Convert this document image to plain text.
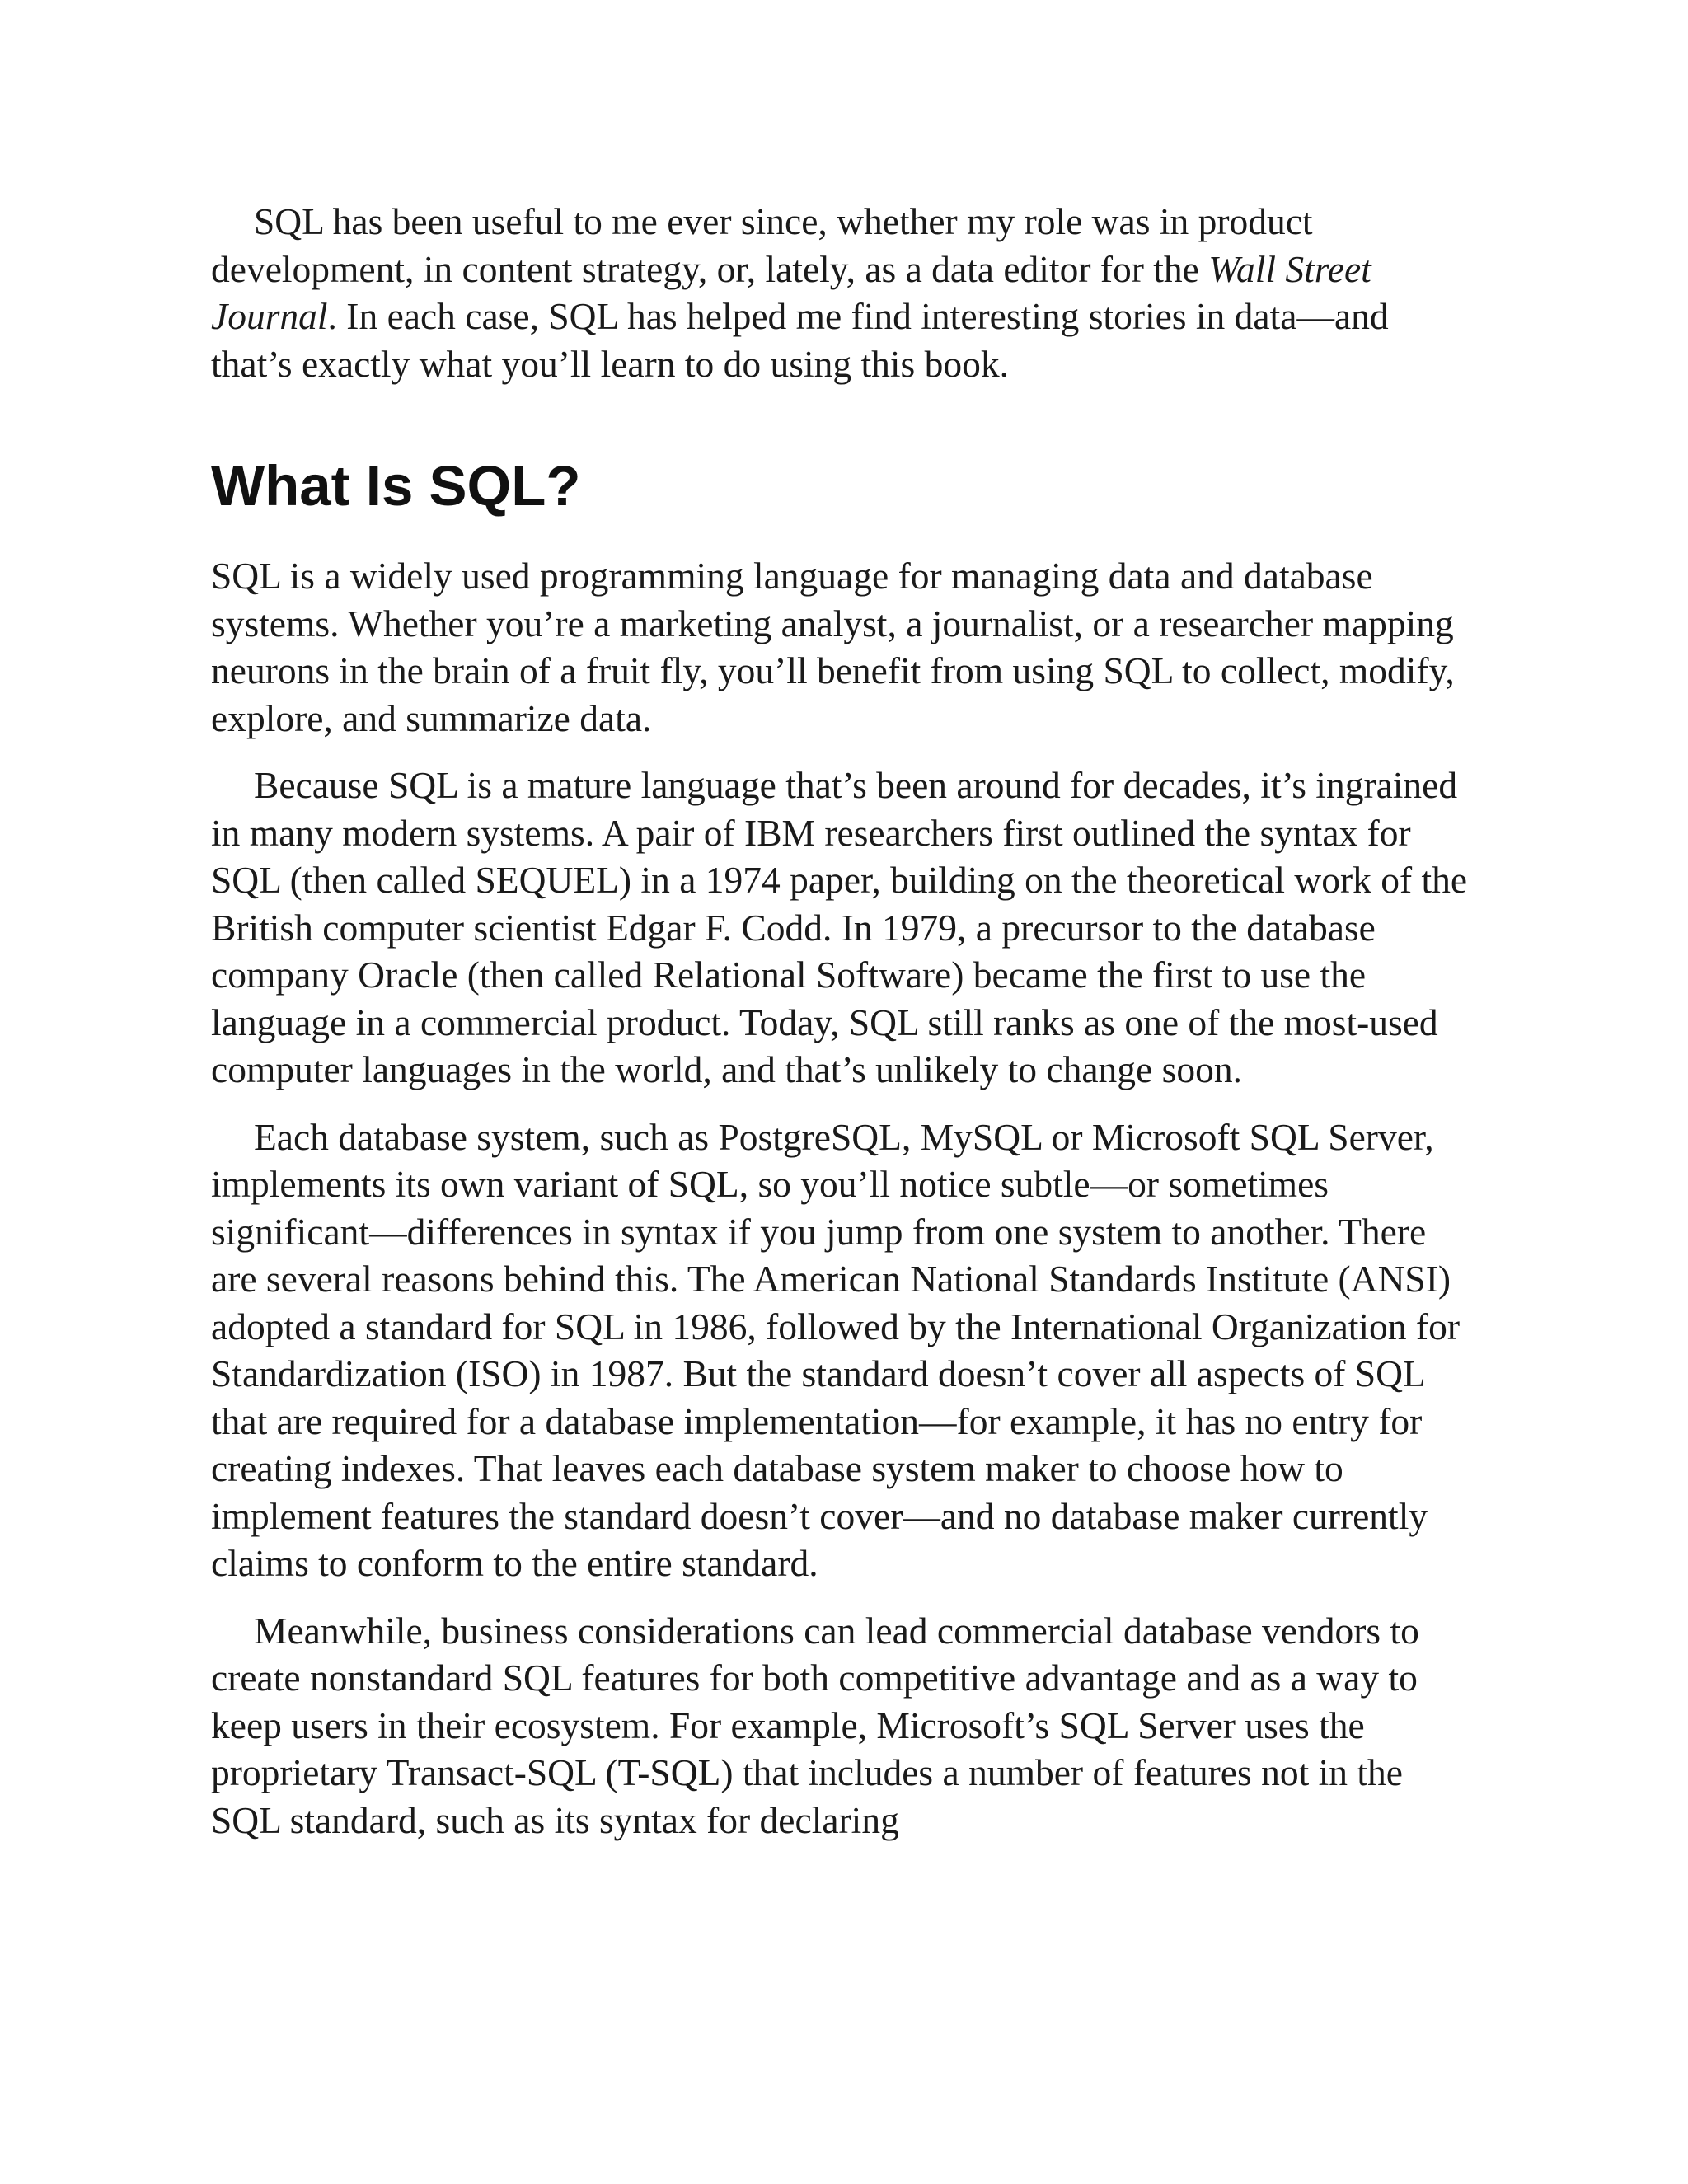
SQL has been useful to me ever since, whether my role was in product development, in content strategy, or, lately, as a data editor for the Wall Street Journal. In each case, SQL has helped me find interesting stories in data—and that’s exactly what you’ll learn to do using this book.

What Is SQL?

SQL is a widely used programming language for managing data and database systems. Whether you’re a marketing analyst, a journalist, or a researcher mapping neurons in the brain of a fruit fly, you’ll benefit from using SQL to collect, modify, explore, and summarize data.

Because SQL is a mature language that’s been around for decades, it’s ingrained in many modern systems. A pair of IBM researchers first outlined the syntax for SQL (then called SEQUEL) in a 1974 paper, building on the theoretical work of the British computer scientist Edgar F. Codd. In 1979, a precursor to the database company Oracle (then called Relational Software) became the first to use the language in a commercial product. Today, SQL still ranks as one of the most-used computer languages in the world, and that’s unlikely to change soon.

Each database system, such as PostgreSQL, MySQL or Microsoft SQL Server, implements its own variant of SQL, so you’ll notice subtle—or sometimes significant—differences in syntax if you jump from one system to another. There are several reasons behind this. The American National Standards Institute (ANSI) adopted a standard for SQL in 1986, followed by the International Organization for Standardization (ISO) in 1987. But the standard doesn’t cover all aspects of SQL that are required for a database implementation—for example, it has no entry for creating indexes. That leaves each database system maker to choose how to implement features the standard doesn’t cover—and no database maker currently claims to conform to the entire standard.

Meanwhile, business considerations can lead commercial database vendors to create nonstandard SQL features for both competitive advantage and as a way to keep users in their ecosystem. For example, Microsoft’s SQL Server uses the proprietary Transact-SQL (T-SQL) that includes a number of features not in the SQL standard, such as its syntax for declaring
